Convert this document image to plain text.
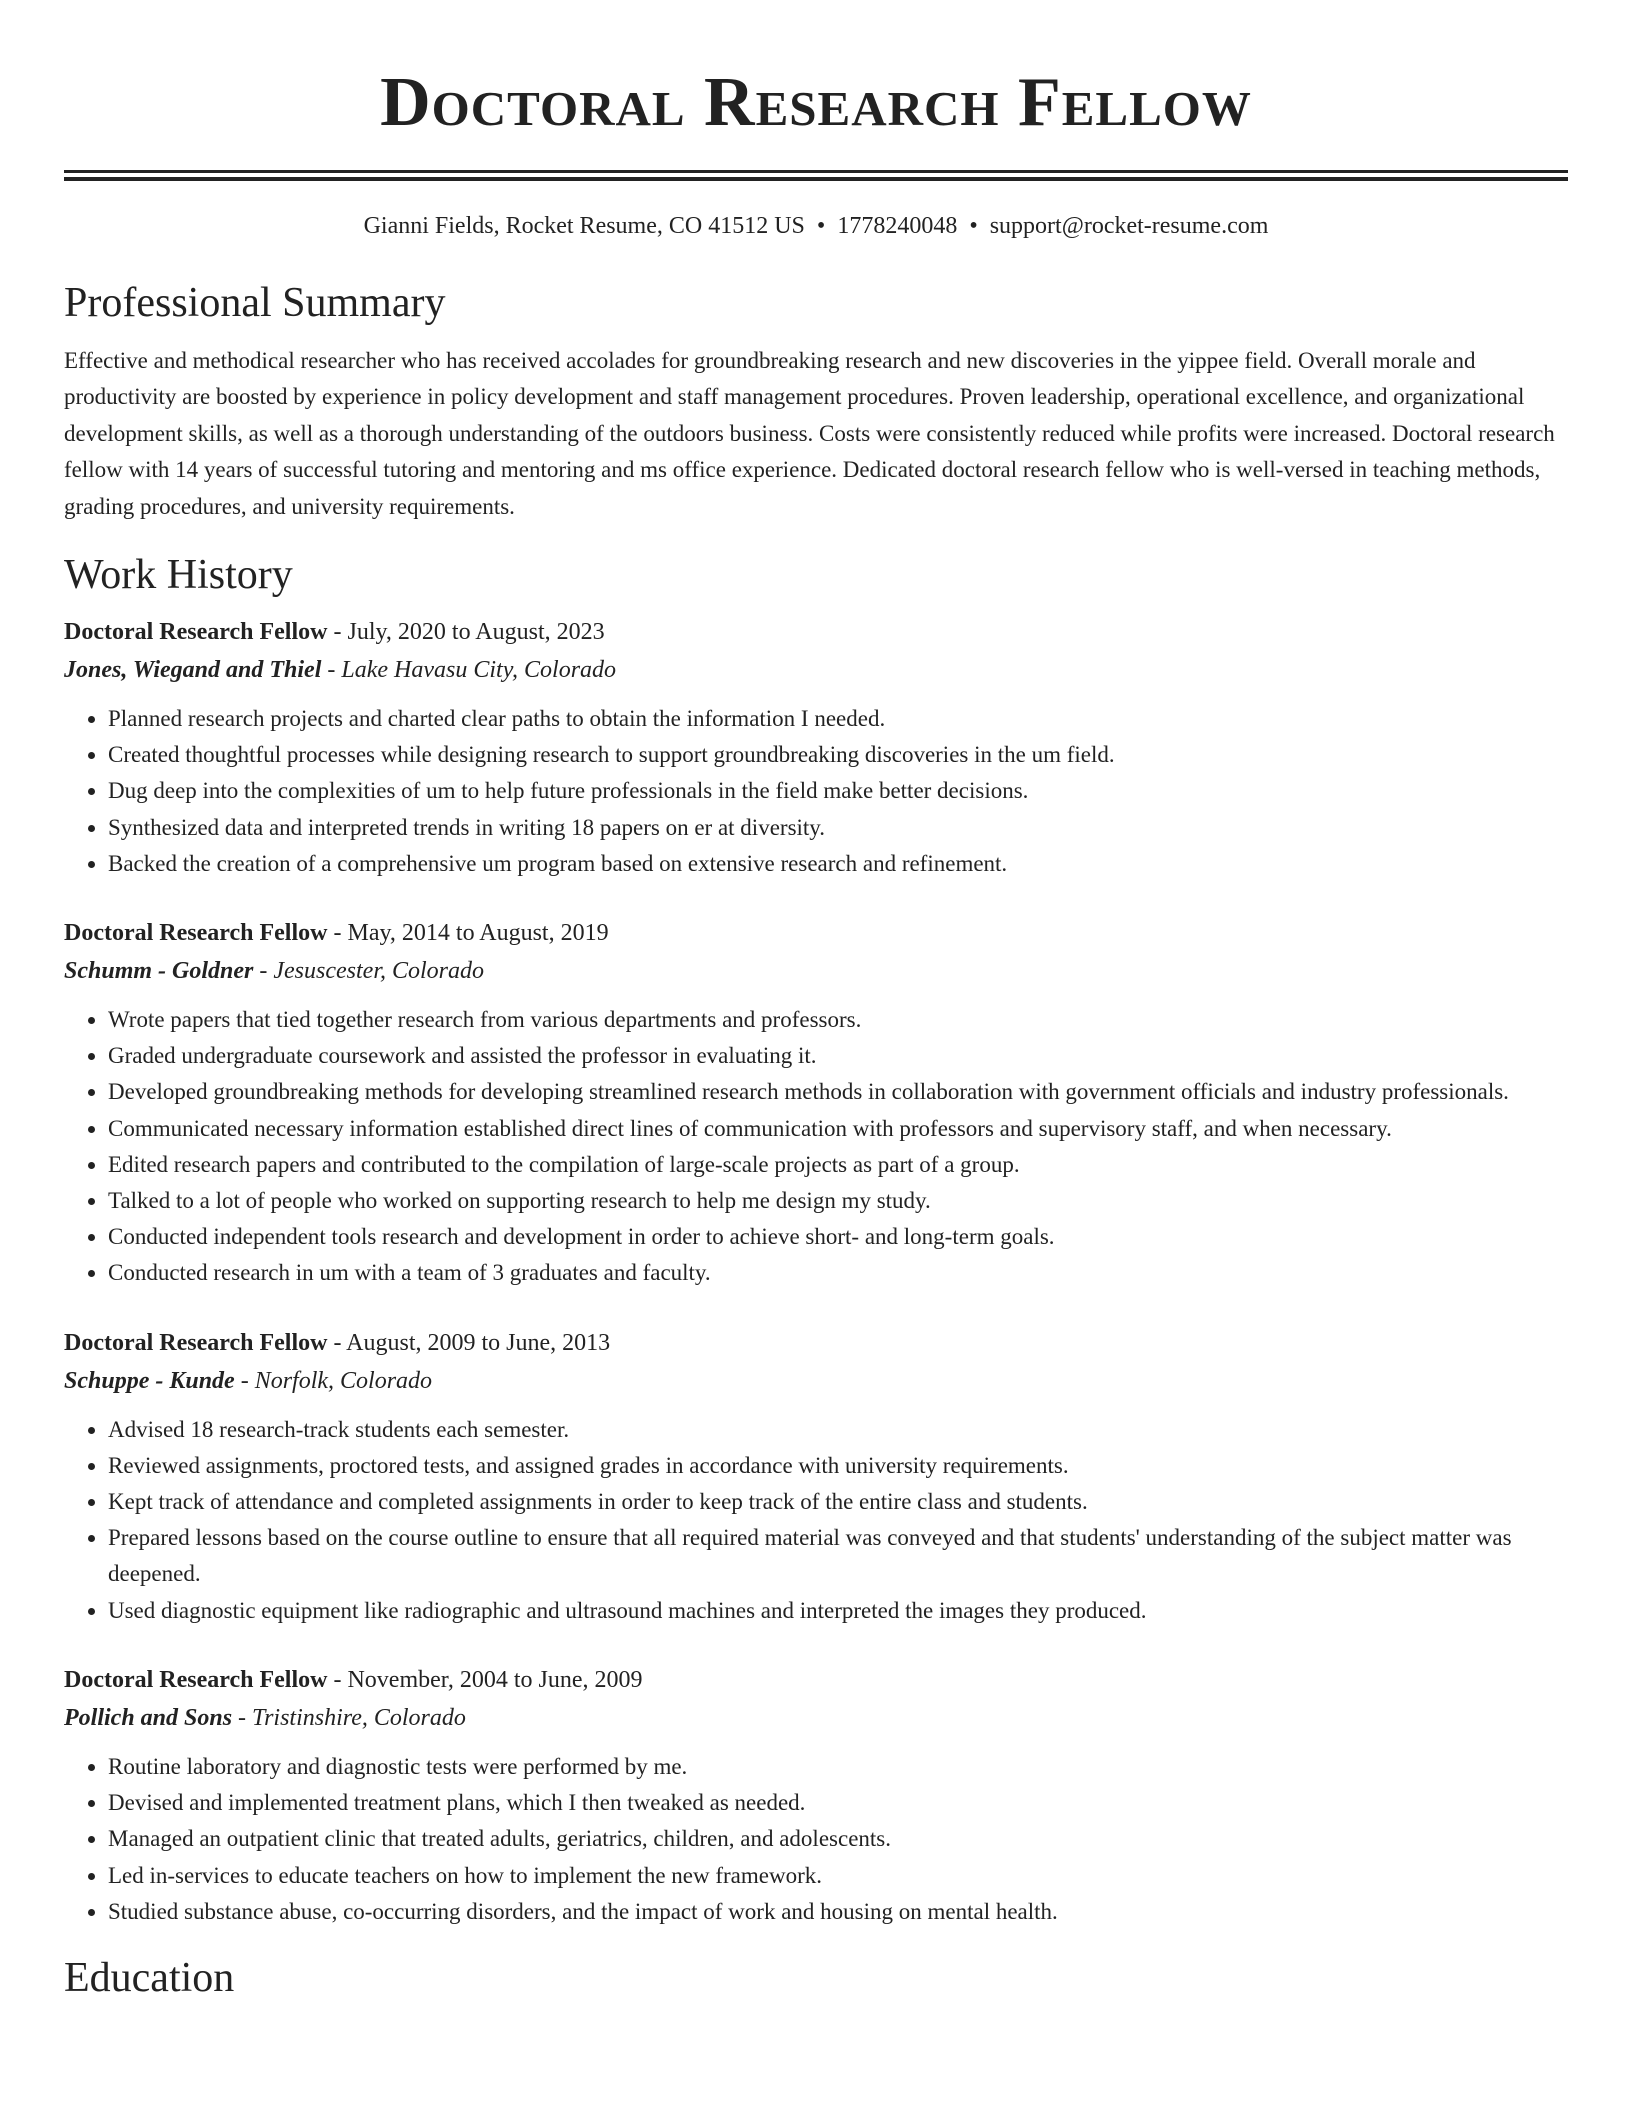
Doctoral Research Fellow
Gianni Fields, Rocket Resume, CO 41512 US • 1778240048 • support@rocket-resume.com
Professional Summary

Effective and methodical researcher who has received accolades for groundbreaking research and new discoveries in the yippee field. Overall morale and productivity are boosted by experience in policy development and staff management procedures. Proven leadership, operational excellence, and organizational development skills, as well as a thorough understanding of the outdoors business. Costs were consistently reduced while profits were increased. Doctoral research fellow with 14 years of successful tutoring and mentoring and ms office experience. Dedicated doctoral research fellow who is well-versed in teaching methods, grading procedures, and university requirements.

Work History
Doctoral Research Fellow - July, 2020 to August, 2023
Jones, Wiegand and Thiel - Lake Havasu City, Colorado
• Planned research projects and charted clear paths to obtain the information I needed.
• Created thoughtful processes while designing research to support groundbreaking discoveries in the um field.
• Dug deep into the complexities of um to help future professionals in the field make better decisions.
• Synthesized data and interpreted trends in writing 18 papers on er at diversity.
• Backed the creation of a comprehensive um program based on extensive research and refinement.
Doctoral Research Fellow - May, 2014 to August, 2019
Schumm - Goldner - Jesuscester, Colorado
• Wrote papers that tied together research from various departments and professors.
• Graded undergraduate coursework and assisted the professor in evaluating it.
• Developed groundbreaking methods for developing streamlined research methods in collaboration with government officials and industry professionals.
• Communicated necessary information established direct lines of communication with professors and supervisory staff, and when necessary.
• Edited research papers and contributed to the compilation of large-scale projects as part of a group.
• Talked to a lot of people who worked on supporting research to help me design my study.
• Conducted independent tools research and development in order to achieve short- and long-term goals.
• Conducted research in um with a team of 3 graduates and faculty.
Doctoral Research Fellow - August, 2009 to June, 2013
Schuppe - Kunde - Norfolk, Colorado
• Advised 18 research-track students each semester.
• Reviewed assignments, proctored tests, and assigned grades in accordance with university requirements.
• Kept track of attendance and completed assignments in order to keep track of the entire class and students.
• Prepared lessons based on the course outline to ensure that all required material was conveyed and that students' understanding of the subject matter was deepened.
• Used diagnostic equipment like radiographic and ultrasound machines and interpreted the images they produced.
Doctoral Research Fellow - November, 2004 to June, 2009
Pollich and Sons - Tristinshire, Colorado
• Routine laboratory and diagnostic tests were performed by me.
• Devised and implemented treatment plans, which I then tweaked as needed.
• Managed an outpatient clinic that treated adults, geriatrics, children, and adolescents.
• Led in-services to educate teachers on how to implement the new framework.
• Studied substance abuse, co-occurring disorders, and the impact of work and housing on mental health.
Education
